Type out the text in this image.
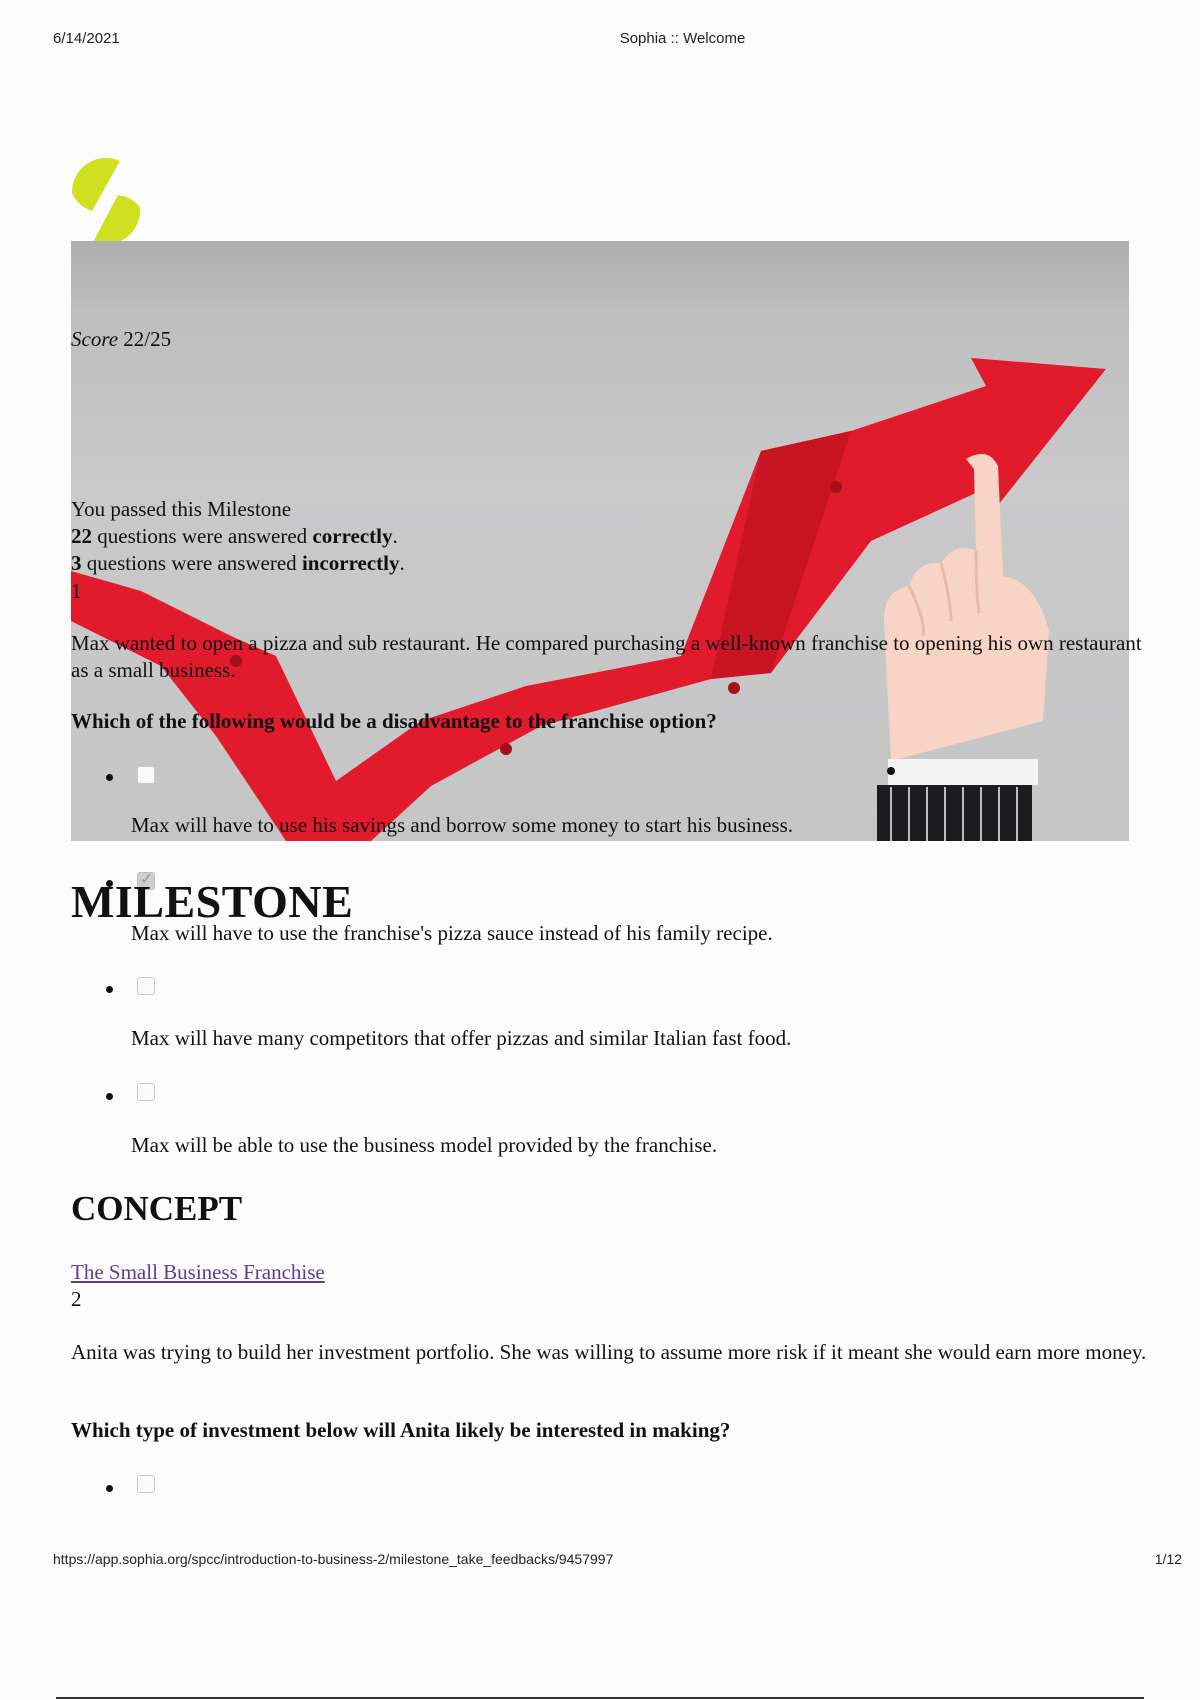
6/14/2021	Sophia :: Welcome
Score 22/25
You passed this Milestone
22 questions were answered correctly.
3 questions were answered incorrectly.
1
Max wanted to open a pizza and sub restaurant. He compared purchasing a well-known franchise to opening his own restaurant as a small business.
Which of the following would be a disadvantage to the franchise option?
Max will have to use his savings and borrow some money to start his business.
✓
Max will have many competitors that offer pizzas and similar Italian fast food.
Max will be able to use the business model provided by the franchise.
MILESTONE
Max will have to use the franchise's pizza sauce instead of his family recipe.
CONCEPT
The Small Business Franchise
2
Anita was trying to build her investment portfolio. She was willing to assume more risk if it meant she would earn more money.
Which type of investment below will Anita likely be interested in making?
https://app.sophia.org/spcc/introduction-to-business-2/milestone_take_feedbacks/9457997	1/12
